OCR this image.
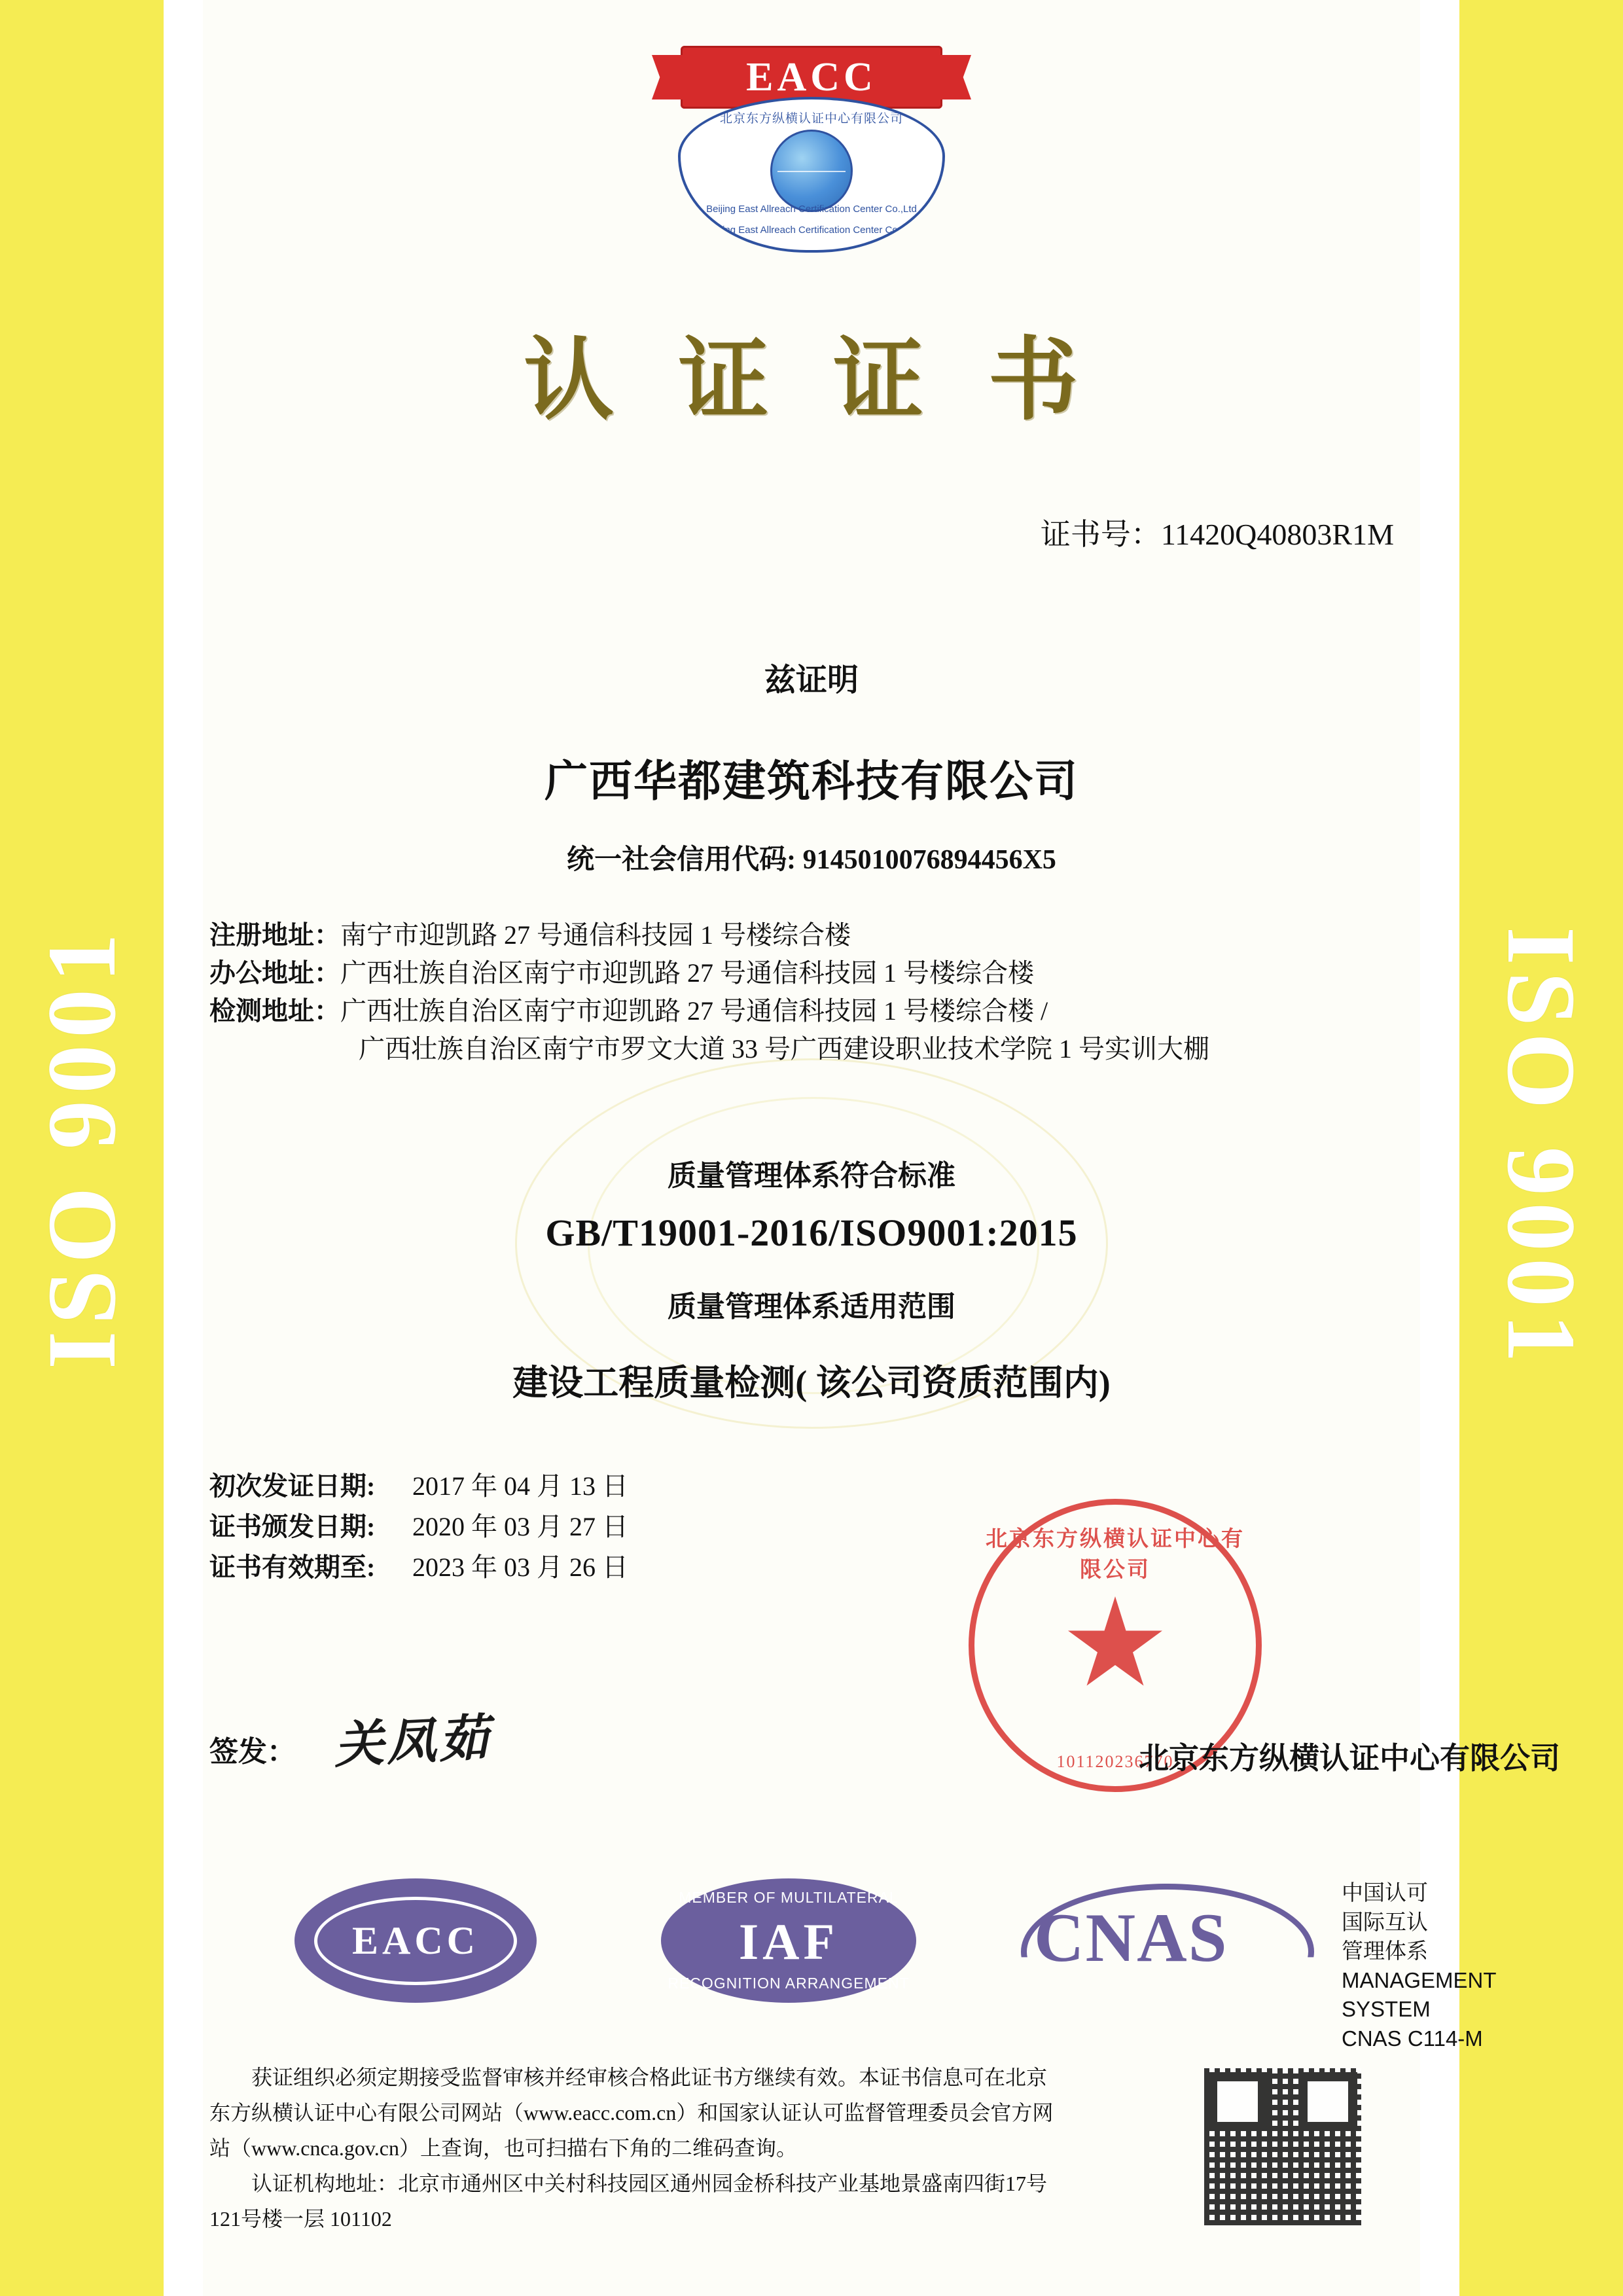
ISO 9001	ISO 9001
EACC
北京东方纵横认证中心有限公司
Beijing East Allreach Certification Center Co.,Ltd
Beijing East Allreach Certification Center Co.,Ltd
认 证 证 书
证书号：11420Q40803R1M
兹证明
广西华都建筑科技有限公司
统一社会信用代码: 9145010076894456X5
注册地址：南宁市迎凯路 27 号通信科技园 1 号楼综合楼
办公地址：广西壮族自治区南宁市迎凯路 27 号通信科技园 1 号楼综合楼
检测地址：广西壮族自治区南宁市迎凯路 27 号通信科技园 1 号楼综合楼 /
广西壮族自治区南宁市罗文大道 33 号广西建设职业技术学院 1 号实训大棚
质量管理体系符合标准
GB/T19001-2016/ISO9001:2015
质量管理体系适用范围
建设工程质量检测( 该公司资质范围内)
初次发证日期: 2017 年 04 月 13 日
证书颁发日期: 2020 年 03 月 27 日
证书有效期至: 2023 年 03 月 26 日
签发： 关凤茹
北京东方纵横认证中心有限公司
101120236770
北京东方纵横认证中心有限公司
EACC
MEMBER OF MULTILATERAL
IAF
RECOGNITION ARRANGEMENT
CNAS
中国认可
国际互认
管理体系
MANAGEMENT SYSTEM
CNAS C114-M

获证组织必须定期接受监督审核并经审核合格此证书方继续有效。本证书信息可在北京

东方纵横认证中心有限公司网站（www.eacc.com.cn）和国家认证认可监督管理委员会官方网

站（www.cnca.gov.cn）上查询，也可扫描右下角的二维码查询。

认证机构地址：北京市通州区中关村科技园区通州园金桥科技产业基地景盛南四街17号

121号楼一层 101102
